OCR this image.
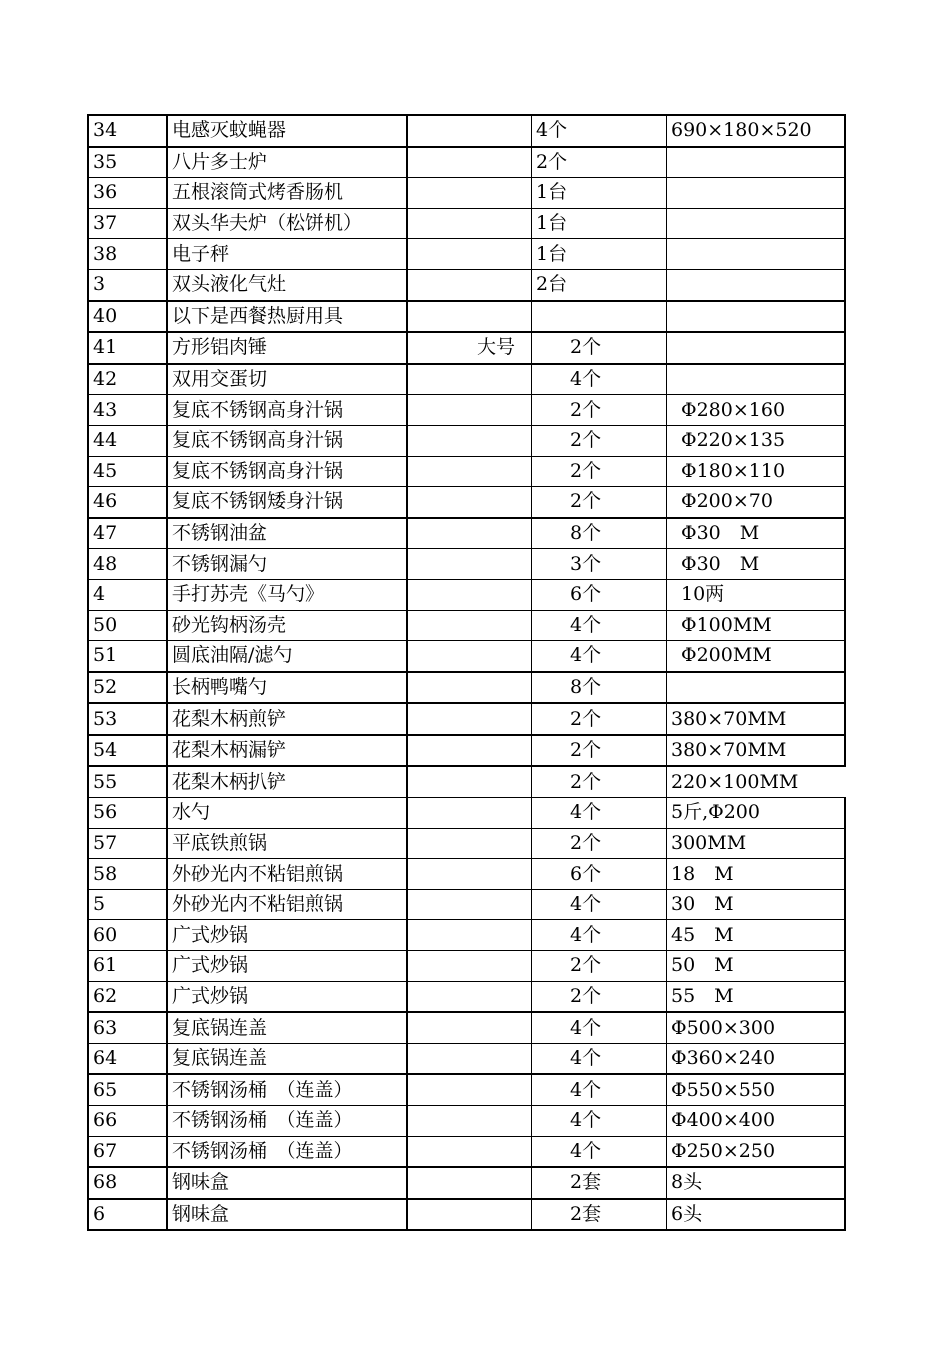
34	电感灭蚊蝇器		4个	690×180×520
35	八片多士炉		2个	
36	五根滚筒式烤香肠机		1台	
37	双头华夫炉（松饼机）		1台	
38	电子秤		1台	
3	双头液化气灶		2台	
40	以下是西餐热厨用具			
41	方形铝肉锤	大号	2个	
42	双用交蛋切		4个	
43	复底不锈钢高身汁锅		2个	Φ280×160
44	复底不锈钢高身汁锅		2个	Φ220×135
45	复底不锈钢高身汁锅		2个	Φ180×110
46	复底不锈钢矮身汁锅		2个	Φ200×70
47	不锈钢油盆		8个	Φ30　M
48	不锈钢漏勺		3个	Φ30　M
4	手打苏壳《马勺》		6个	10两
50	砂光钩柄汤壳		4个	Φ100MM
51	圆底油隔/滤勺		4个	Φ200MM
52	长柄鸭嘴勺		8个	
53	花梨木柄煎铲		2个	380×70MM
54	花梨木柄漏铲		2个	380×70MM
55	花梨木柄扒铲		2个	220×100MM
56	水勺		4个	5斤,Φ200
57	平底铁煎锅		2个	300MM
58	外砂光内不粘铝煎锅		6个	18　M
5	外砂光内不粘铝煎锅		4个	30　M
60	广式炒锅		4个	45　M
61	广式炒锅		2个	50　M
62	广式炒锅		2个	55　M
63	复底锅连盖		4个	Φ500×300
64	复底锅连盖		4个	Φ360×240
65	不锈钢汤桶　（连盖）		4个	Φ550×550
66	不锈钢汤桶　（连盖）		4个	Φ400×400
67	不锈钢汤桶　（连盖）		4个	Φ250×250
68	钢味盒		2套	8头
6	钢味盒		2套	6头
